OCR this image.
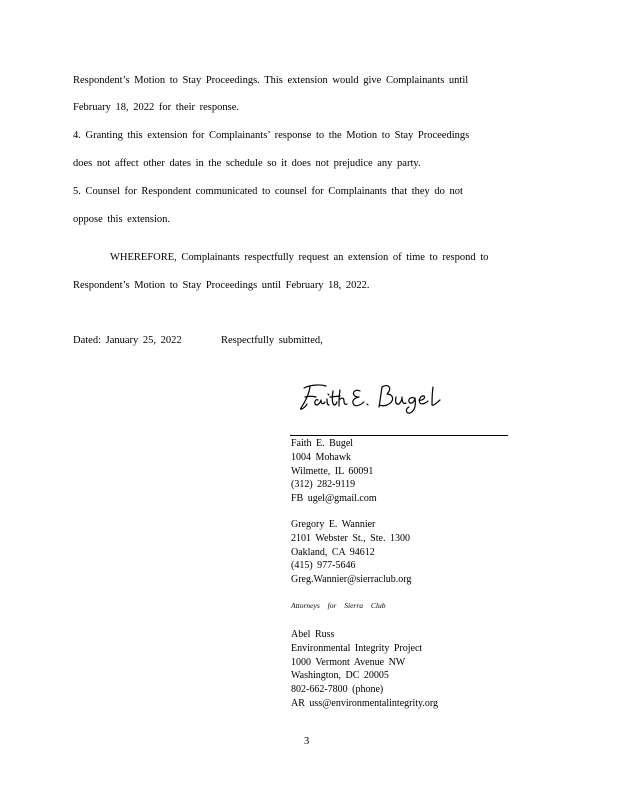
Respondent’s Motion to Stay Proceedings. This extension would give Complainants until
February 18, 2022 for their response.
4. Granting this extension for Complainants’ response to the Motion to Stay Proceedings
does not affect other dates in the schedule so it does not prejudice any party.
5. Counsel for Respondent communicated to counsel for Complainants that they do not
oppose this extension.
WHEREFORE, Complainants respectfully request an extension of time to respond to
Respondent’s Motion to Stay Proceedings until February 18, 2022.
Dated: January 25, 2022	Respectfully submitted,
Faith E. Bugel
1004 Mohawk
Wilmette, IL 60091
(312) 282-9119
FB ugel@gmail.com
Gregory E. Wannier
2101 Webster St., Ste. 1300
Oakland, CA 94612
(415) 977-5646
Greg.Wannier@sierraclub.org
Attorneys for Sierra Club
Abel Russ
Environmental Integrity Project
1000 Vermont Avenue NW
Washington, DC 20005
802-662-7800 (phone)
AR uss@environmentalintegrity.org
3
